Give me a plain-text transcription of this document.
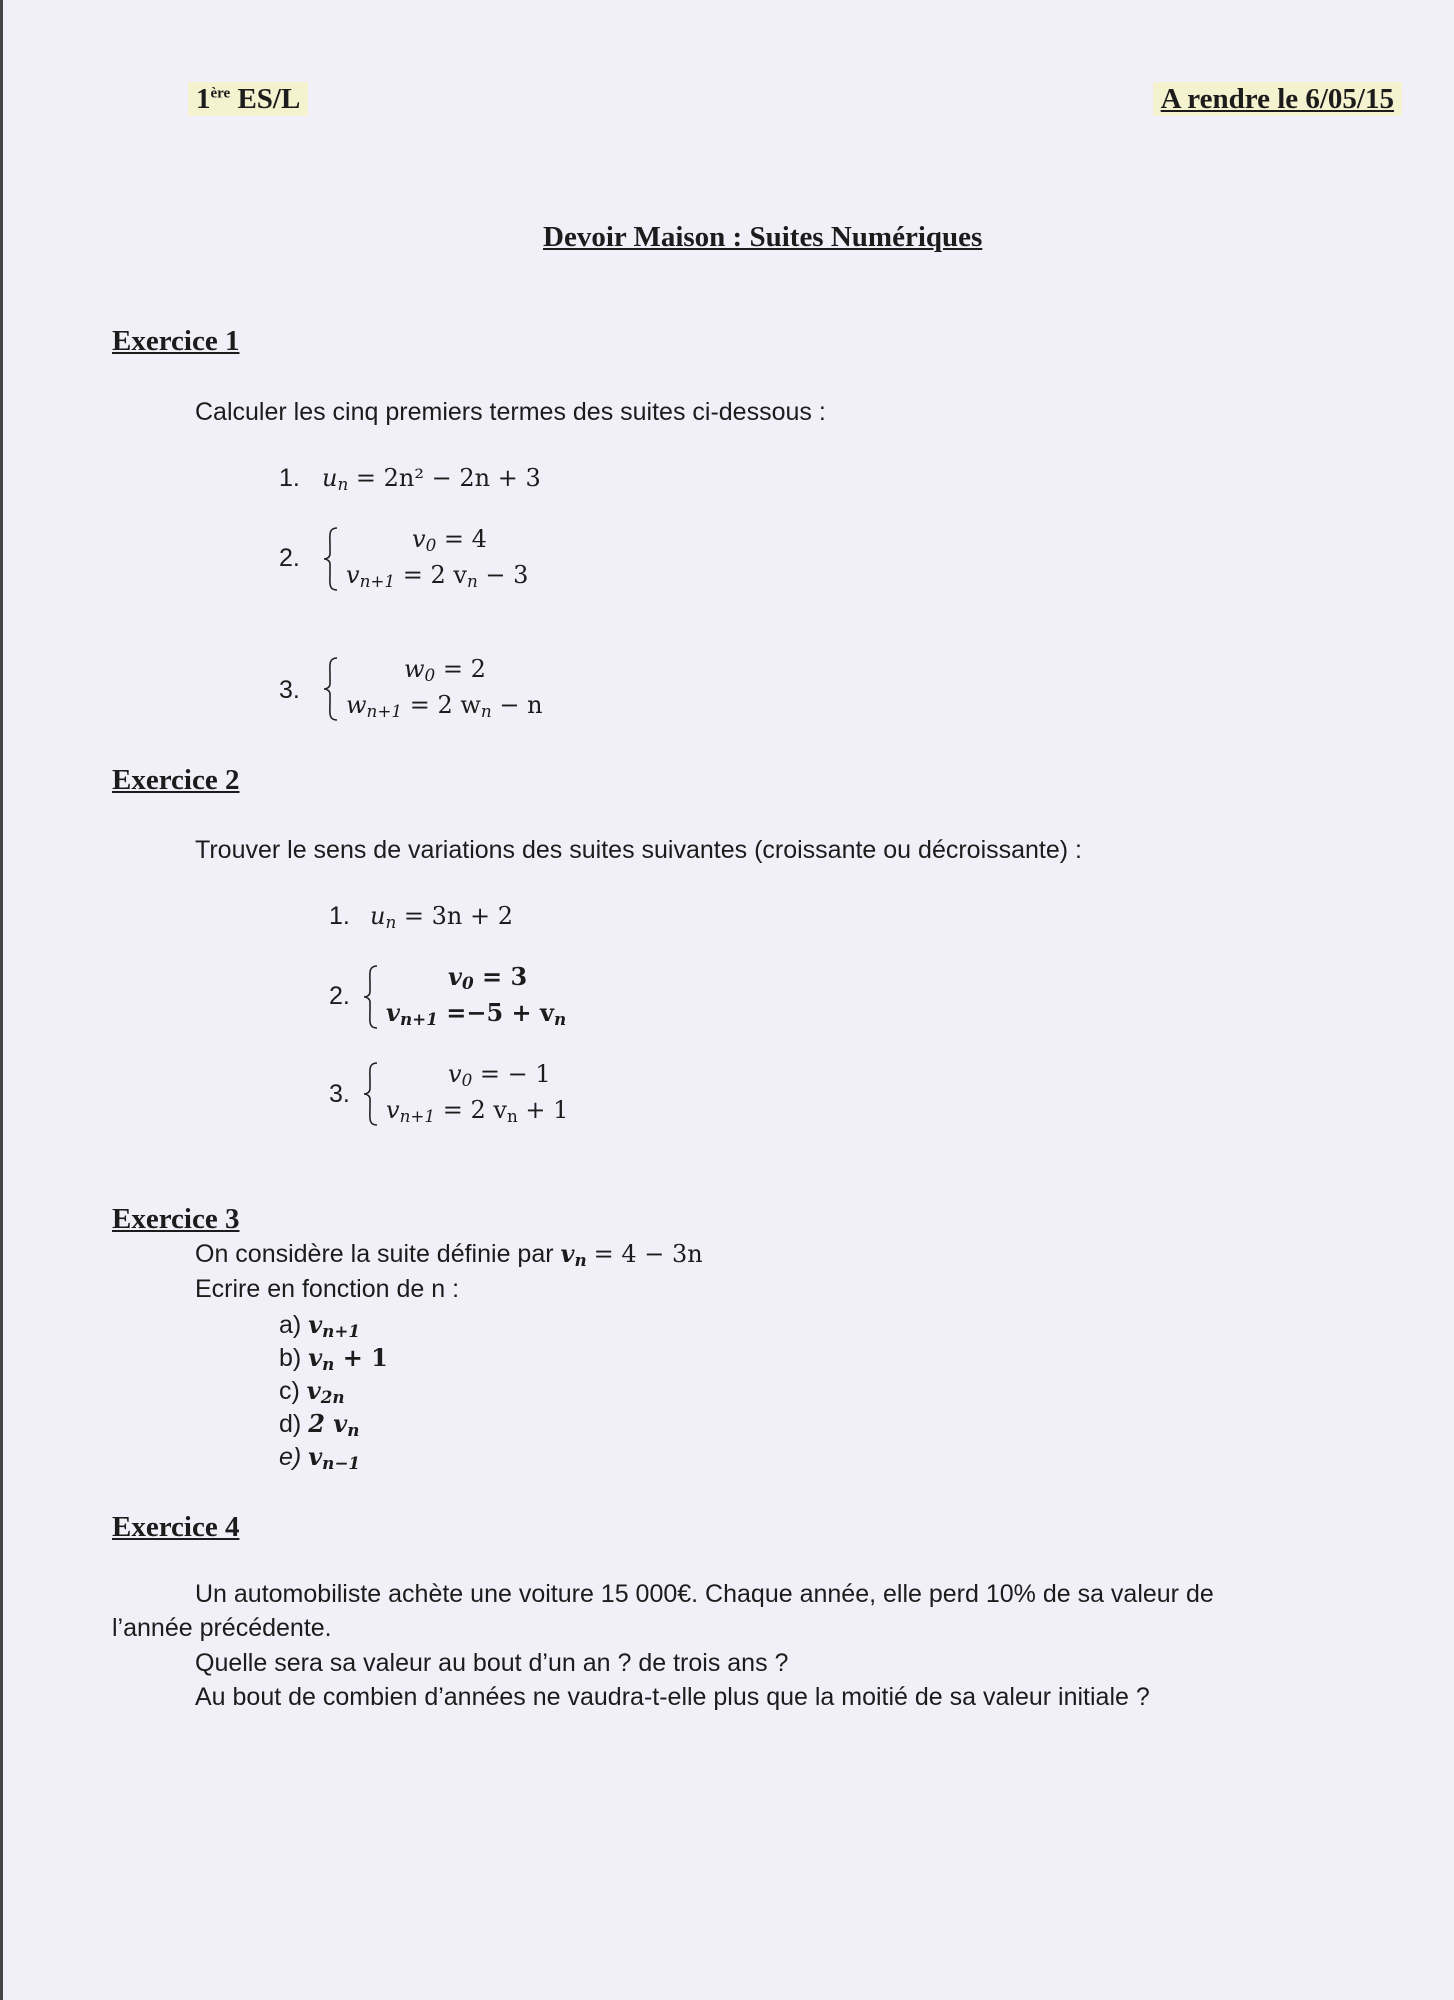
1ère ES/L	A rendre le 6/05/15
Devoir Maison : Suites Numériques
Exercice 1
Calculer les cinq premiers termes des suites ci-dessous :
1. $u_n = 2n^2 - 2n + 3$
2.
$v_0 = 4$
$v_{n+1} = 2$ $v_n - 3$
3.
$w_0 = 2$
$w_{n+1} = 2$ $w_n - n$
Exercice 2
Trouver le sens de variations des suites suivantes (croissante ou décroissante) :
1. $u_n = 3n + 2$
2.
$v_0 = 3$
$v_{n+1} =-5 + v_n$
3.
$v_0$ = − 1
$v_{n+1} = 2$ $v_n + 1$
Exercice 3
On considère la suite définie par $v_n = 4 - 3n$
Ecrire en fonction de n :
a) $v_{n+1}$
b) $v_n + 1$
c) $v_{2n}$
d) 2 $v_n$
e) $v_{n-1}$
Exercice 4
Un automobiliste achète une voiture 15 000€. Chaque année, elle perd 10% de sa valeur de
l’année précédente.
Quelle sera sa valeur au bout d’un an ? de trois ans ?
Au bout de combien d’années ne vaudra-t-elle plus que la moitié de sa valeur initiale ?
